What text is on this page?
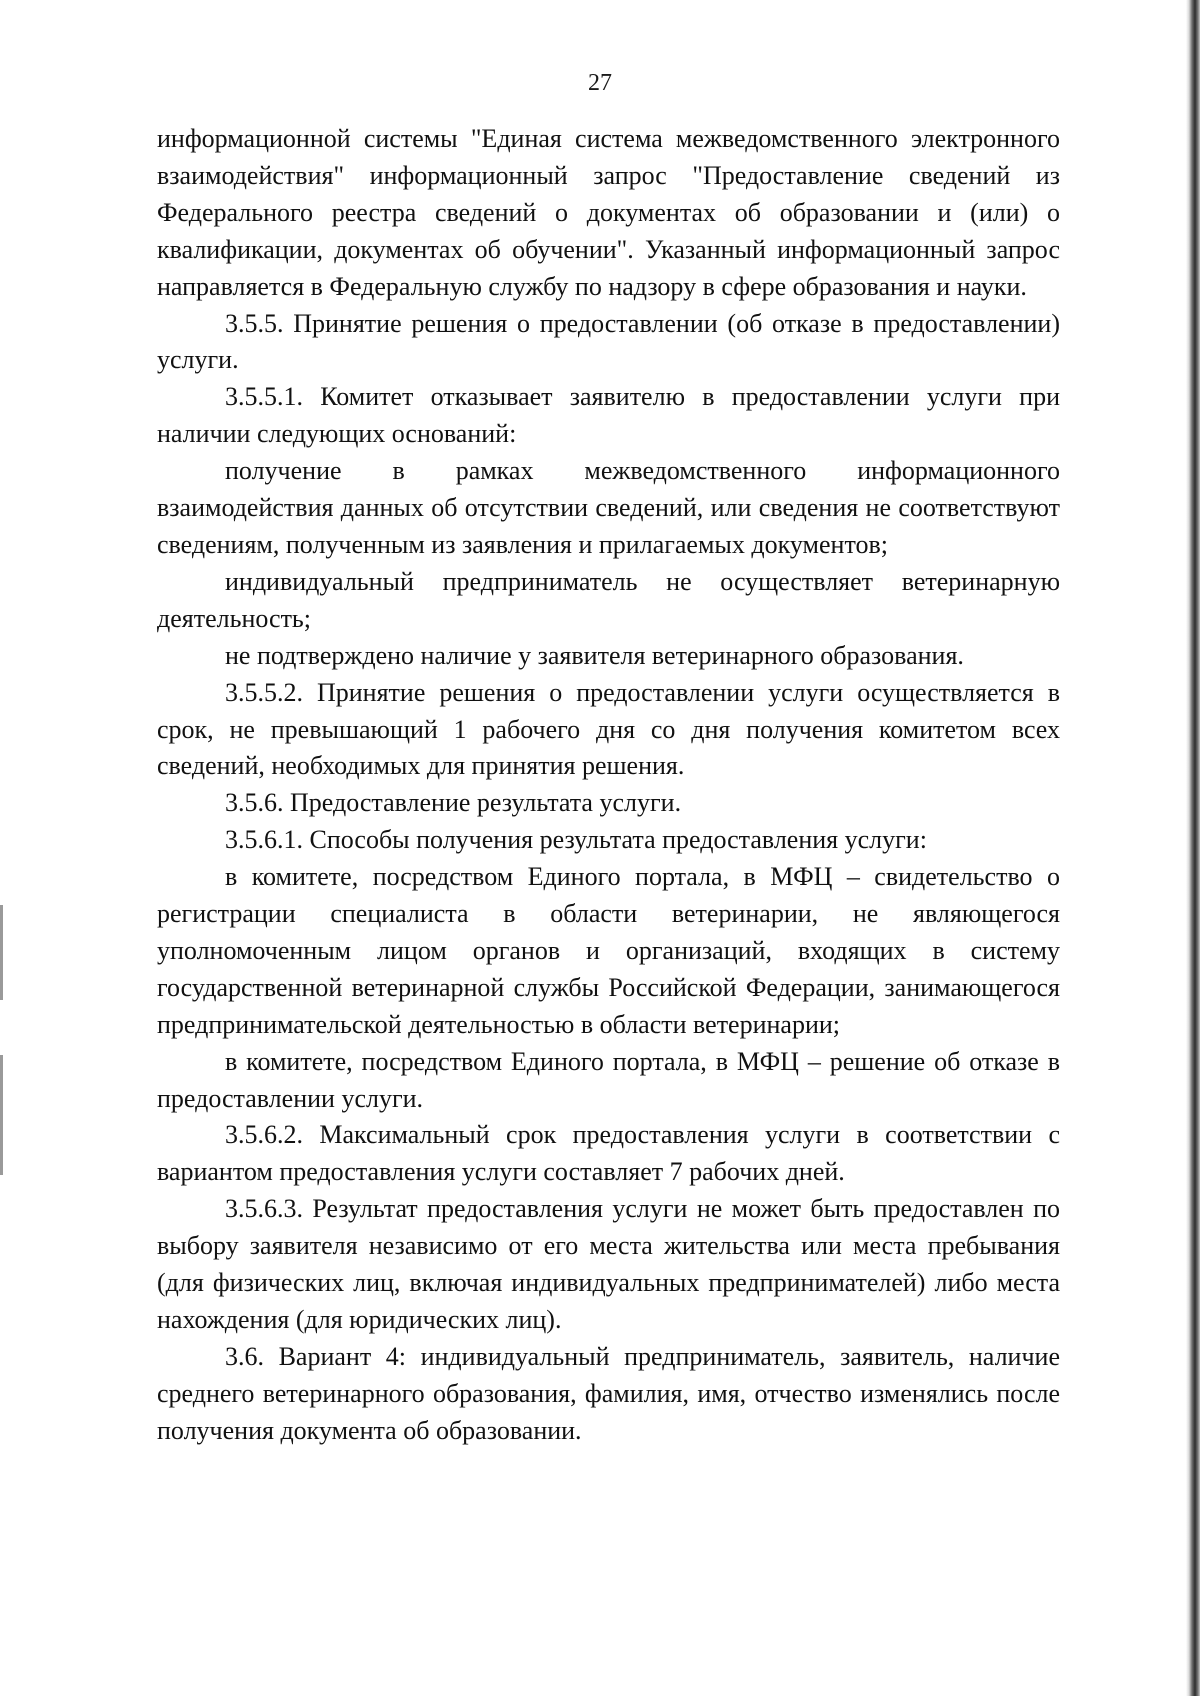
27

информационной системы "Единая система межведомственного электронного взаимодействия" информационный запрос "Предоставление сведений из Федерального реестра сведений о документах об образовании и (или) о квалификации, документах об обучении". Указанный информационный запрос направляется в Федеральную службу по надзору в сфере образования и науки.

3.5.5. Принятие решения о предоставлении (об отказе в предоставлении) услуги.

3.5.5.1. Комитет отказывает заявителю в предоставлении услуги при наличии следующих оснований:

получение в рамках межведомственного информационного взаимодействия данных об отсутствии сведений, или сведения не соответствуют сведениям, полученным из заявления и прилагаемых документов;

индивидуальный предприниматель не осуществляет ветеринарную деятельность;

не подтверждено наличие у заявителя ветеринарного образования.

3.5.5.2. Принятие решения о предоставлении услуги осуществляется в срок, не превышающий 1 рабочего дня со дня получения комитетом всех сведений, необходимых для принятия решения.

3.5.6. Предоставление результата услуги.

3.5.6.1. Способы получения результата предоставления услуги:

в комитете, посредством Единого портала, в МФЦ – свидетельство о регистрации специалиста в области ветеринарии, не являющегося уполномоченным лицом органов и организаций, входящих в систему государственной ветеринарной службы Российской Федерации, занимающегося предпринимательской деятельностью в области ветеринарии;

в комитете, посредством Единого портала, в МФЦ – решение об отказе в предоставлении услуги.

3.5.6.2. Максимальный срок предоставления услуги в соответствии с вариантом предоставления услуги составляет 7 рабочих дней.

3.5.6.3. Результат предоставления услуги не может быть предоставлен по выбору заявителя независимо от его места жительства или места пребывания (для физических лиц, включая индивидуальных предпринимателей) либо места нахождения (для юридических лиц).

3.6. Вариант 4: индивидуальный предприниматель, заявитель, наличие среднего ветеринарного образования, фамилия, имя, отчество изменялись после получения документа об образовании.
